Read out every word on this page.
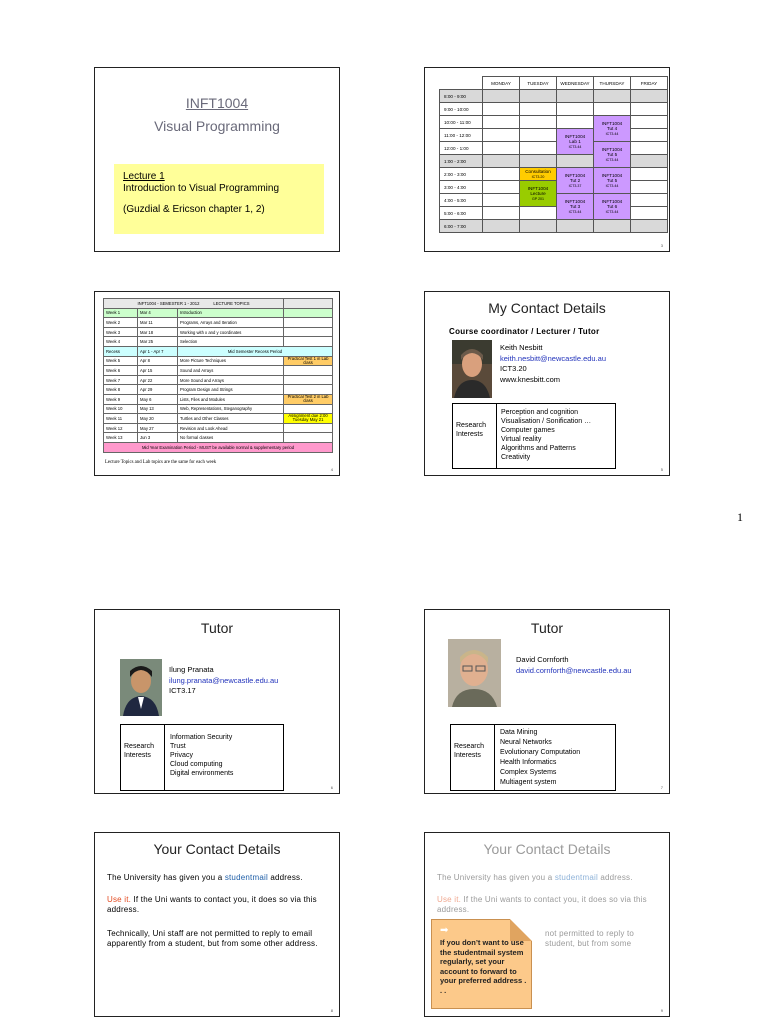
INFT1004
Visual Programming
Lecture 1
Introduction to Visual Programming
(Guzdial & Ericson chapter 1, 2)
	MONDAY	TUESDAY	WEDNESDAY	THURSDAY	FRIDAY
8:00 - 9:00					
9:00 - 10:00					
10:00 - 11:00				INFT1004
Tut 4
ICT3.44	
11:00 - 12:00			INFT1004
Lab 1
ICT3.44		
12:00 - 1:00				INFT1004
Tut 5
ICT3.44	
1:00 - 2:00					
2:00 - 3:00		Consultation
ICT3.20	INFT1004
Tut 2
ICT3.37	INFT1004
Tut 5
ICT3.44	
3:00 - 4:00		INFT1004
Lecture
GP 201			
4:00 - 5:00			INFT1004
Tut 3
ICT3.44	INFT1004
Tut 6
ICT3.44	
5:00 - 6:00					
6:00 - 7:00					
3
INFT1004 - SEMESTER 1 - 2012 LECTURE TOPICS			
Week 1	Mar 4	Introduction	
Week 2	Mar 11	Programs, Arrays and Iteration	
Week 3	Mar 18	Working with x and y coordinates	
Week 4	Mar 25	Selection	
Recess	Apr 1 - Apr 7	Mid Semester Recess Period	
Week 5	Apr 8	More Picture Techniques	Practical Test 1 in Lab class
Week 6	Apr 15	Sound and Arrays	
Week 7	Apr 22	More Sound and Arrays	
Week 8	Apr 29	Program Design and Strings	
Week 9	May 6	Lists, Files and Modules	Practical Test 2 in Lab class
Week 10	May 13	Web, Representations, Steganography	
Week 11	May 20	Turtles and Other Classes	Assignment due 2:00 Tuesday May 21
Week 12	May 27	Revision and Look Ahead	
Week 13	Jun 3	No formal classes	
Mid Year Examination Period - MUST be available normal & supplementary period			
Lecture Topics and Lab topics are the same for each week
4
My Contact Details
Course coordinator / Lecturer / Tutor
Keith Nesbitt
keith.nesbitt@newcastle.edu.au
ICT3.20
www.knesbitt.com
Research
Interests
Perception and cognition
Visualisation / Sonification …
Computer games
Virtual reality
Algorithms and Patterns
Creativity
5
1
Tutor
Ilung Pranata
ilung.pranata@newcastle.edu.au
ICT3.17
Research
Interests
Information Security
Trust
Privacy
Cloud computing
Digital environments
6
Tutor
David Cornforth
david.cornforth@newcastle.edu.au
Research
Interests
Data Mining
Neural Networks
Evolutionary Computation
Health Informatics
Complex Systems
Multiagent system
7
Your Contact Details
The University has given you a studentmail address.
Use it. If the Uni wants to contact you, it does so via this address.
Technically, Uni staff are not permitted to reply to email apparently from a student, but from some other address.
8
Your Contact Details
The University has given you a studentmail address.
Use it. If the Uni wants to contact you, it does so via this address.
not permitted to reply to student, but from some
➡
If you don’t want to use the studentmail system regularly, set your account to forward to your preferred address . . .
9
